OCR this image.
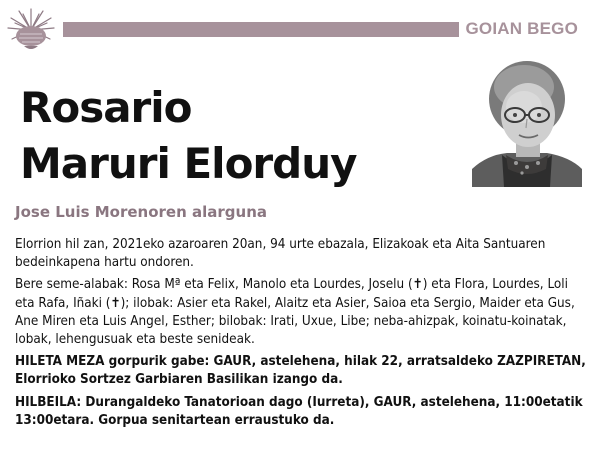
GOIAN BEGO
Rosario
Maruri Elorduy
Jose Luis Morenoren alarguna

Elorrion hil zan, 2021eko azaroaren 20an, 94 urte ebazala, Elizakoak eta Aita Santuaren bedeinkapena hartu ondoren.

Bere seme-alabak: Rosa Mª eta Felix, Manolo eta Lourdes, Joselu (✝) eta Flora, Lourdes, Loli eta Rafa, Iñaki (✝); ilobak: Asier eta Rakel, Alaitz eta Asier, Saioa eta Sergio, Maider eta Gus, Ane Miren eta Luis Angel, Esther; bilobak: Irati, Uxue, Libe; neba-ahizpak, koinatu-koinatak, lobak, lehengusuak eta beste senideak.

HILETA MEZA gorpurik gabe: GAUR, astelehena, hilak 22, arratsaldeko ZAZPIRETAN, Elorrioko Sortzez Garbiaren Basilikan izango da.

HILBEILA: Durangaldeko Tanatorioan dago (Iurreta), GAUR, astelehena, 11:00etatik 13:00etara. Gorpua senitartean erraustuko da.
